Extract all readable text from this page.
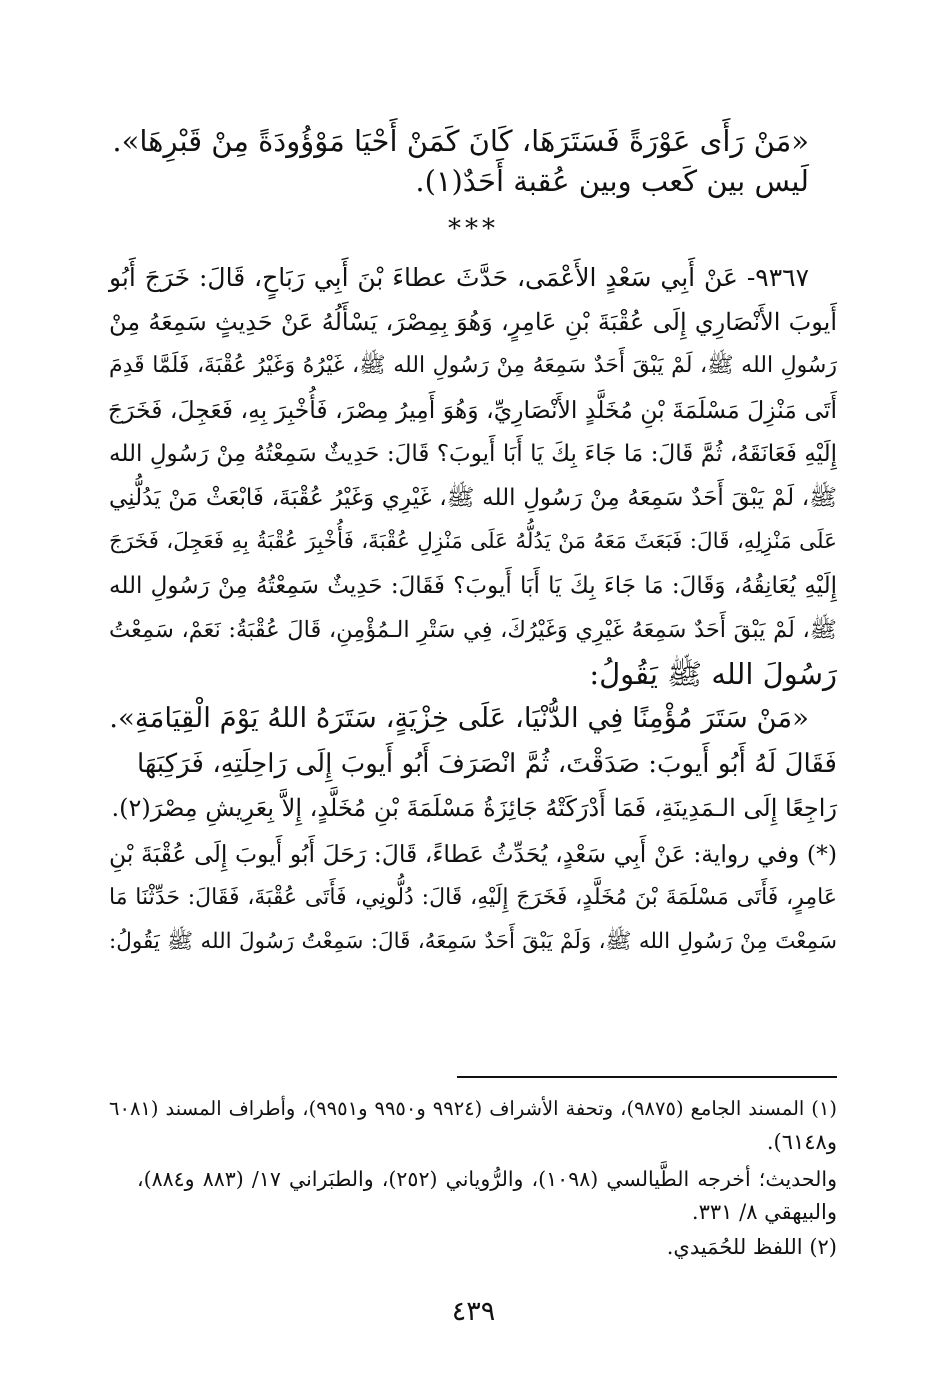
«مَنْ رَأَى عَوْرَةً فَسَتَرَهَا، كَانَ كَمَنْ أَحْيَا مَوْؤُودَةً مِنْ قَبْرِهَا».
لَيس بين كَعب وبين عُقبة أَحَدٌ(١).
***
٩٣٦٧- عَنْ أَبِي سَعْدٍ الأَعْمَى، حَدَّثَ عطاءَ بْنَ أَبِي رَبَاحٍ، قَالَ: خَرَجَ أَبُو
أَيوبَ الأَنْصَارِي إِلَى عُقْبَةَ بْنِ عَامِرٍ، وَهُوَ بِمِصْرَ، يَسْأَلُهُ عَنْ حَدِيثٍ سَمِعَهُ مِنْ
رَسُولِ الله ﷺ، لَمْ يَبْقَ أَحَدٌ سَمِعَهُ مِنْ رَسُولِ الله ﷺ، غَيْرُهُ وَغَيْرُ عُقْبَةَ، فَلَمَّا قَدِمَ
أَتَى مَنْزِلَ مَسْلَمَةَ بْنِ مُخَلَّدٍ الأَنْصَارِيِّ، وَهُوَ أَمِيرُ مِصْرَ، فَأُخْبِرَ بِهِ، فَعَجِلَ، فَخَرَجَ
إِلَيْهِ فَعَانَقَهُ، ثُمَّ قَالَ: مَا جَاءَ بِكَ يَا أَبَا أَيوبَ؟ قَالَ: حَدِيثٌ سَمِعْتُهُ مِنْ رَسُولِ الله
ﷺ، لَمْ يَبْقَ أَحَدٌ سَمِعَهُ مِنْ رَسُولِ الله ﷺ، غَيْرِي وَغَيْرُ عُقْبَةَ، فَابْعَثْ مَنْ يَدُلُّنِي
عَلَى مَنْزِلِهِ، قَالَ: فَبَعَثَ مَعَهُ مَنْ يَدُلُّهُ عَلَى مَنْزِلِ عُقْبَةَ، فَأُخْبِرَ عُقْبَةُ بِهِ فَعَجِلَ، فَخَرَجَ
إِلَيْهِ يُعَانِقُهُ، وَقَالَ: مَا جَاءَ بِكَ يَا أَبَا أَيوبَ؟ فَقَالَ: حَدِيثٌ سَمِعْتُهُ مِنْ رَسُولِ الله
ﷺ، لَمْ يَبْقَ أَحَدٌ سَمِعَهُ غَيْرِي وَغَيْرُكَ، فِي سَتْرِ الـمُؤْمِنِ، قَالَ عُقْبَةُ: نَعَمْ، سَمِعْتُ
رَسُولَ الله ﷺ يَقُولُ:
«مَنْ سَتَرَ مُؤْمِنًا فِي الدُّنْيَا، عَلَى خِزْيَةٍ، سَتَرَهُ اللهُ يَوْمَ الْقِيَامَةِ».
فَقَالَ لَهُ أَبُو أَيوبَ: صَدَقْتَ، ثُمَّ انْصَرَفَ أَبُو أَيوبَ إِلَى رَاحِلَتِهِ، فَرَكِبَهَا
رَاجِعًا إِلَى الـمَدِينَةِ، فَمَا أَدْرَكَتْهُ جَائِزَةُ مَسْلَمَةَ بْنِ مُخَلَّدٍ، إِلاَّ بِعَرِيشِ مِصْرَ(٢).
(*) وفي رواية: عَنْ أَبِي سَعْدٍ، يُحَدِّثُ عَطاءً، قَالَ: رَحَلَ أَبُو أَيوبَ إِلَى عُقْبَةَ بْنِ
عَامِرٍ، فَأَتَى مَسْلَمَةَ بْنَ مُخَلَّدٍ، فَخَرَجَ إِلَيْهِ، قَالَ: دُلُّونِي، فَأَتَى عُقْبَةَ، فَقَالَ: حَدِّثْنَا مَا
سَمِعْتَ مِنْ رَسُولِ الله ﷺ، وَلَمْ يَبْقَ أَحَدٌ سَمِعَهُ، قَالَ: سَمِعْتُ رَسُولَ الله ﷺ يَقُولُ:
(١) المسند الجامع (٩٨٧٥)، وتحفة الأشراف (٩٩٢٤ و٩٩٥٠ و٩٩٥١)، وأطراف المسند (٦٠٨١
و٦١٤٨).
والحديث؛ أخرجه الطَّيالسي (١٠٩٨)، والرُّوياني (٢٥٢)، والطبَراني ١٧/ (٨٨٣ و٨٨٤)،
والبيهقي ٨/ ٣٣١.
(٢) اللفظ للحُمَيدي.
٤٣٩
